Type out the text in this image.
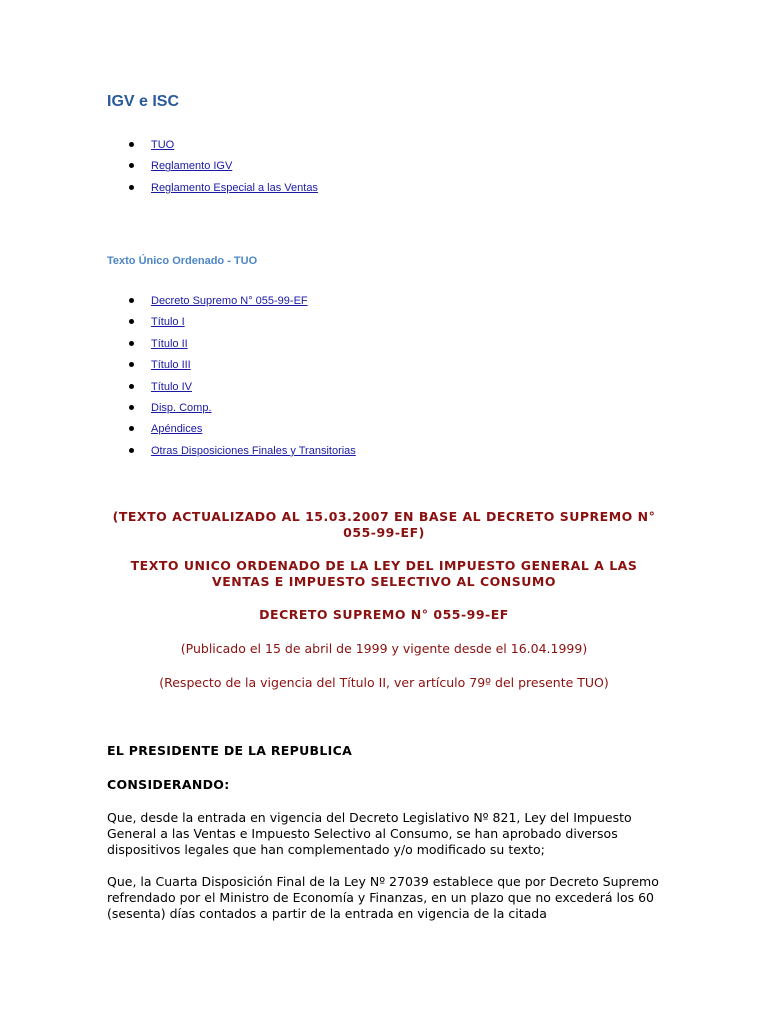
IGV e ISC
TUO
Reglamento IGV
Reglamento Especial a las Ventas
Texto Único Ordenado - TUO
Decreto Supremo N° 055-99-EF
Título I
Título II
Título III
Título IV
Disp. Comp.
Apéndices
Otras Disposiciones Finales y Transitorias

(TEXTO ACTUALIZADO AL 15.03.2007 EN BASE AL DECRETO SUPREMO N° 055-99-EF)

TEXTO UNICO ORDENADO DE LA LEY DEL IMPUESTO GENERAL A LAS VENTAS E IMPUESTO SELECTIVO AL CONSUMO

DECRETO SUPREMO N° 055-99-EF

(Publicado el 15 de abril de 1999 y vigente desde el 16.04.1999)

(Respecto de la vigencia del Título II, ver artículo 79º del presente TUO)

EL PRESIDENTE DE LA REPUBLICA

CONSIDERANDO:

Que, desde la entrada en vigencia del Decreto Legislativo Nº 821, Ley del Impuesto General a las Ventas e Impuesto Selectivo al Consumo, se han aprobado diversos dispositivos legales que han complementado y/o modificado su texto;

Que, la Cuarta Disposición Final de la Ley Nº 27039 establece que por Decreto Supremo refrendado por el Ministro de Economía y Finanzas, en un plazo que no excederá los 60 (sesenta) días contados a partir de la entrada en vigencia de la citada
